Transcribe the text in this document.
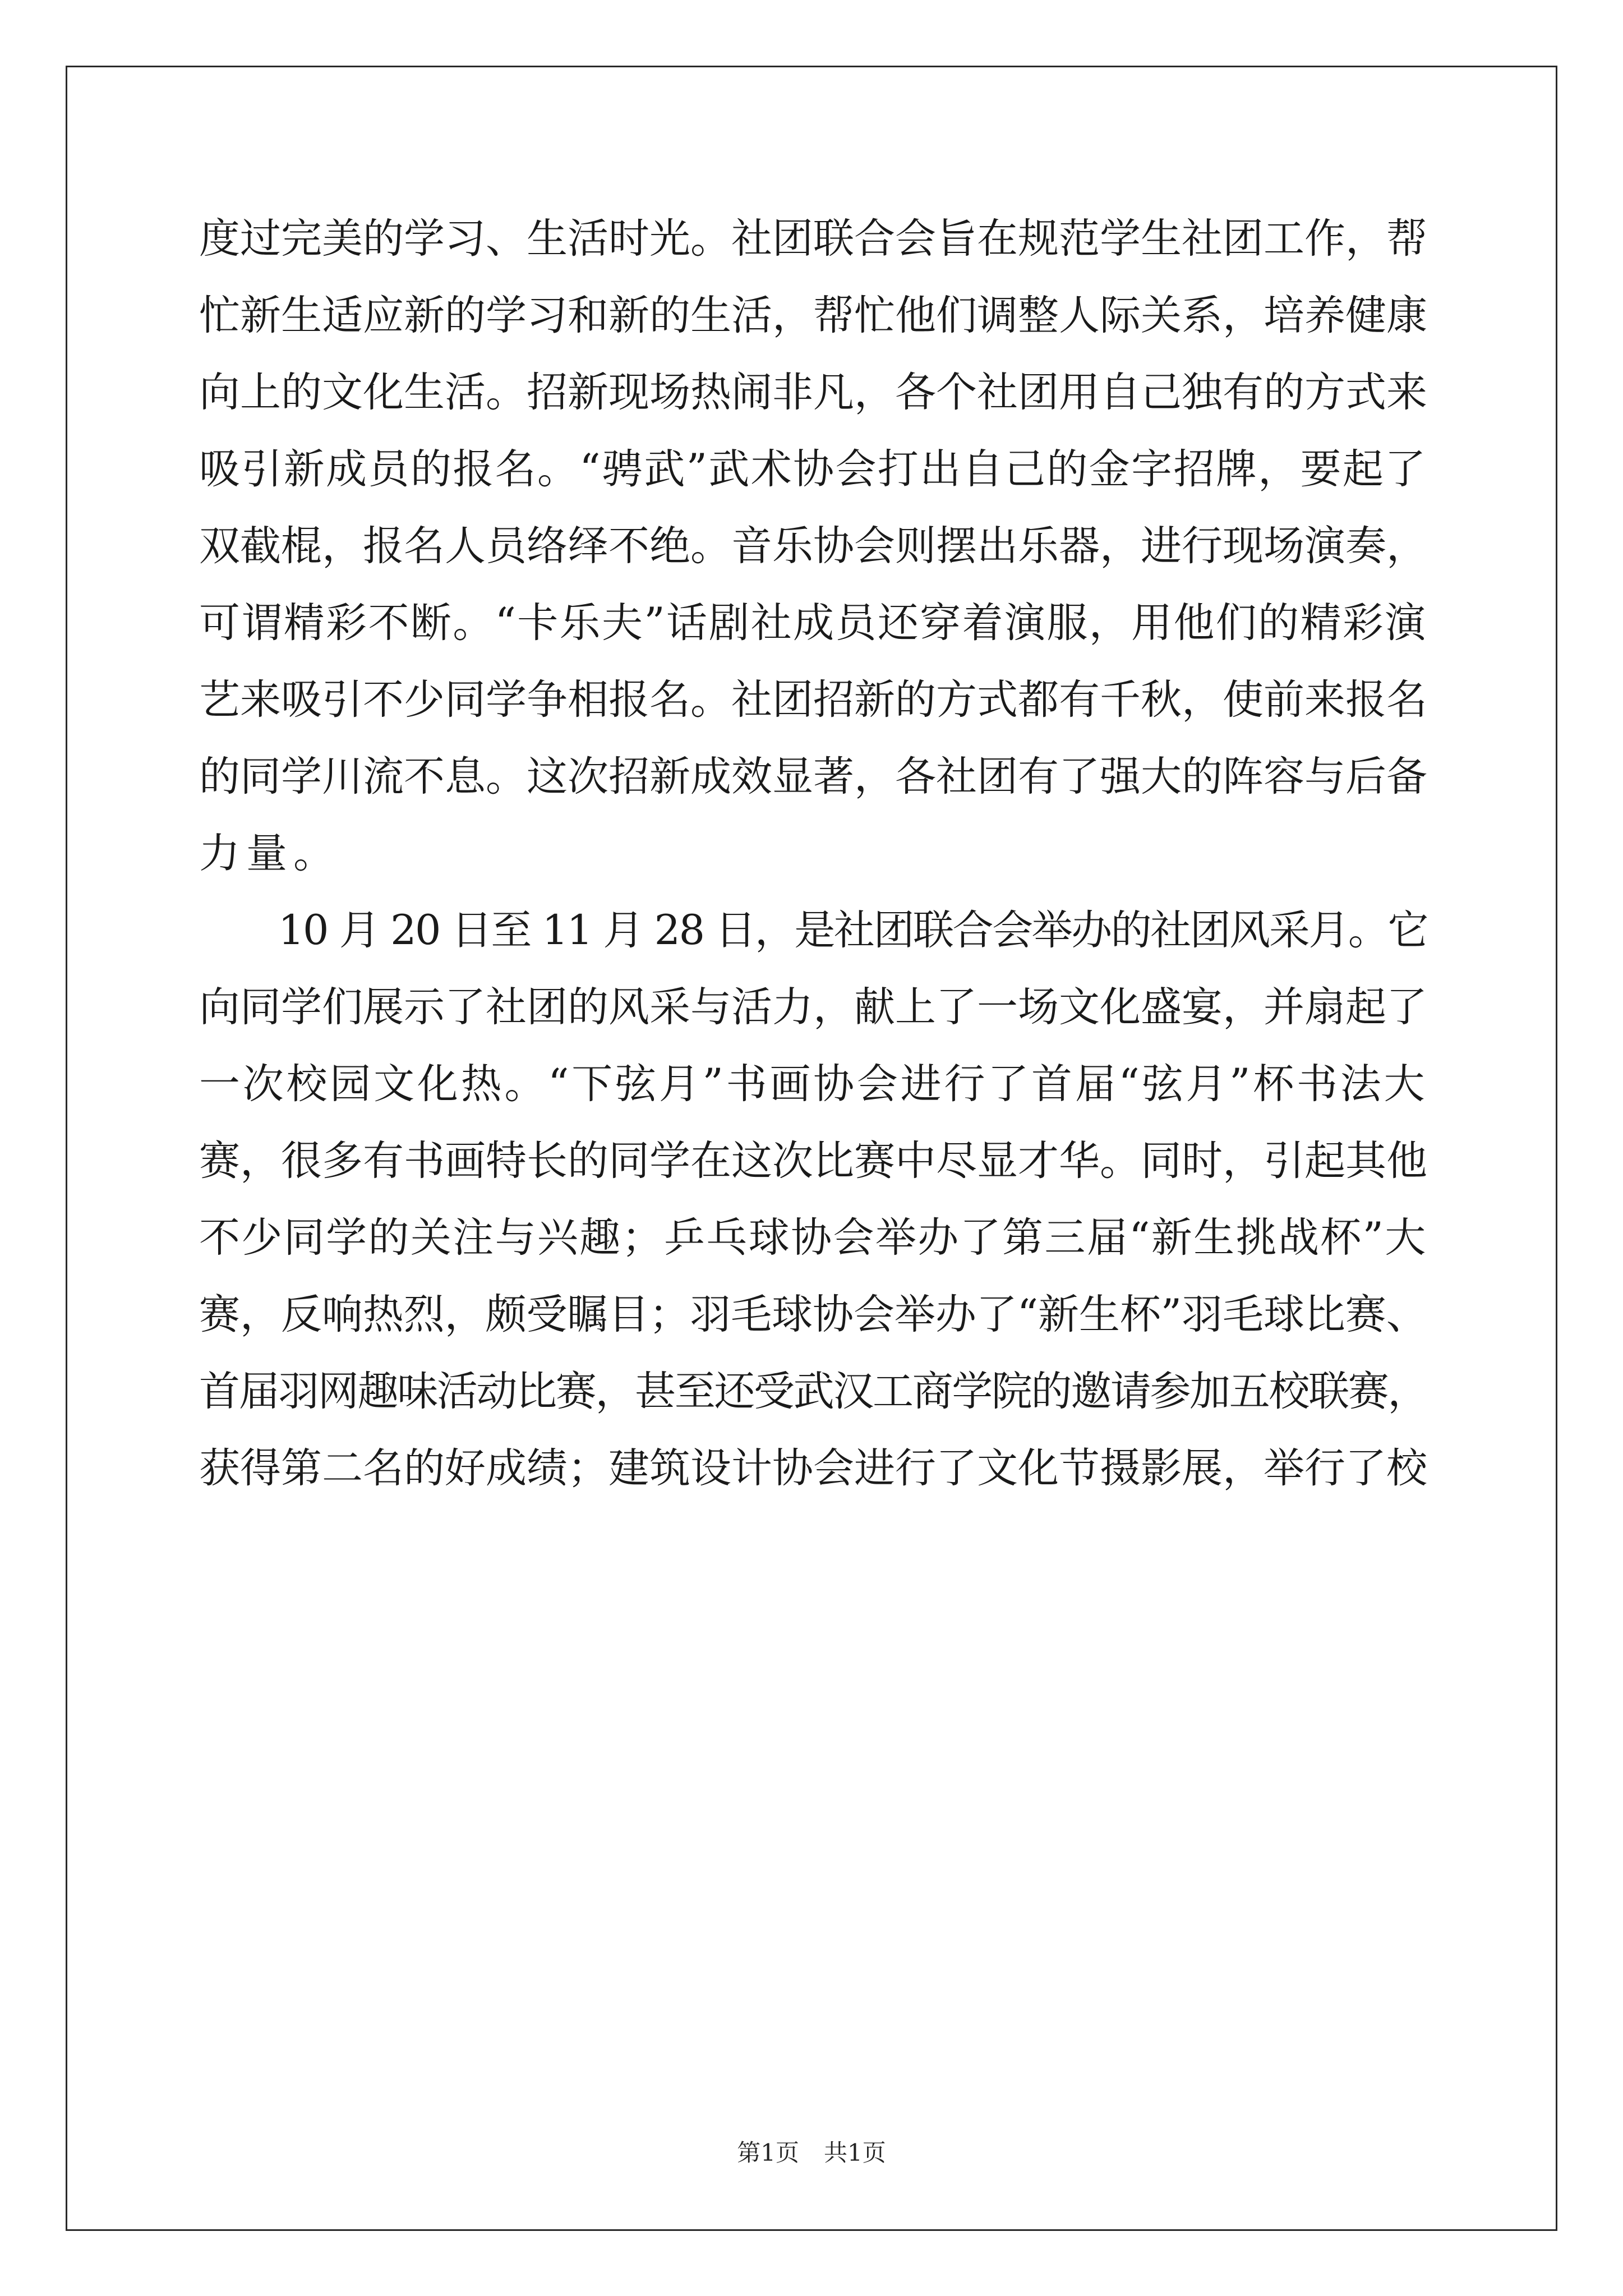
度过完美的学习、生活时光。社团联合会旨在规范学生社团工作，帮
忙新生适应新的学习和新的生活，帮忙他们调整人际关系，培养健康
向上的文化生活。招新现场热闹非凡，各个社团用自己独有的方式来
吸引新成员的报名。“骋武”武术协会打出自己的金字招牌，要起了
双截棍，报名人员络绎不绝。音乐协会则摆出乐器，进行现场演奏，
可谓精彩不断。“卡乐夫”话剧社成员还穿着演服，用他们的精彩演
艺来吸引不少同学争相报名。社团招新的方式都有千秋，使前来报名
的同学川流不息。这次招新成效显著，各社团有了强大的阵容与后备
力量。
　　10 月 20 日至 11 月 28 日，是社团联合会举办的社团风采月。它
向同学们展示了社团的风采与活力，献上了一场文化盛宴，并扇起了
一次校园文化热。“下弦月”书画协会进行了首届“弦月”杯书法大
赛，很多有书画特长的同学在这次比赛中尽显才华。同时，引起其他
不少同学的关注与兴趣；乒乓球协会举办了第三届“新生挑战杯”大
赛，反响热烈，颇受瞩目；羽毛球协会举办了“新生杯”羽毛球比赛、
首届羽网趣味活动比赛，甚至还受武汉工商学院的邀请参加五校联赛，
获得第二名的好成绩；建筑设计协会进行了文化节摄影展，举行了校
第1页 共1页
